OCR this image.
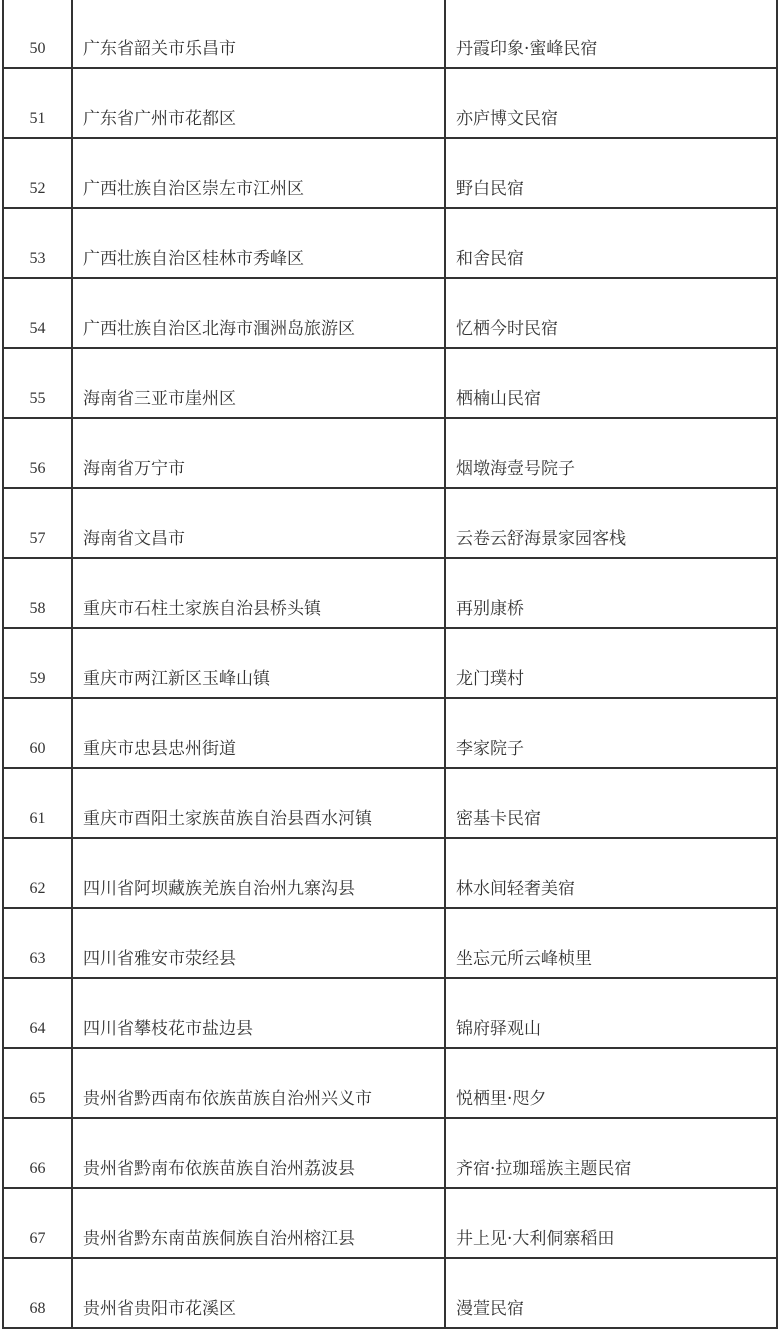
50	广东省韶关市乐昌市	丹霞印象·蜜峰民宿
51	广东省广州市花都区	亦庐博文民宿
52	广西壮族自治区崇左市江州区	野白民宿
53	广西壮族自治区桂林市秀峰区	和舍民宿
54	广西壮族自治区北海市涠洲岛旅游区	忆栖今时民宿
55	海南省三亚市崖州区	栖楠山民宿
56	海南省万宁市	烟墩海壹号院子
57	海南省文昌市	云卷云舒海景家园客栈
58	重庆市石柱土家族自治县桥头镇	再别康桥
59	重庆市两江新区玉峰山镇	龙门璞村
60	重庆市忠县忠州街道	李家院子
61	重庆市酉阳土家族苗族自治县酉水河镇	密基卡民宿
62	四川省阿坝藏族羌族自治州九寨沟县	林水间轻奢美宿
63	四川省雅安市荥经县	坐忘元所云峰桢里
64	四川省攀枝花市盐边县	锦府驿观山
65	贵州省黔西南布依族苗族自治州兴义市	悦栖里·咫夕
66	贵州省黔南布依族苗族自治州荔波县	齐宿·拉珈瑶族主题民宿
67	贵州省黔东南苗族侗族自治州榕江县	井上见·大利侗寨稻田
68	贵州省贵阳市花溪区	漫萱民宿
